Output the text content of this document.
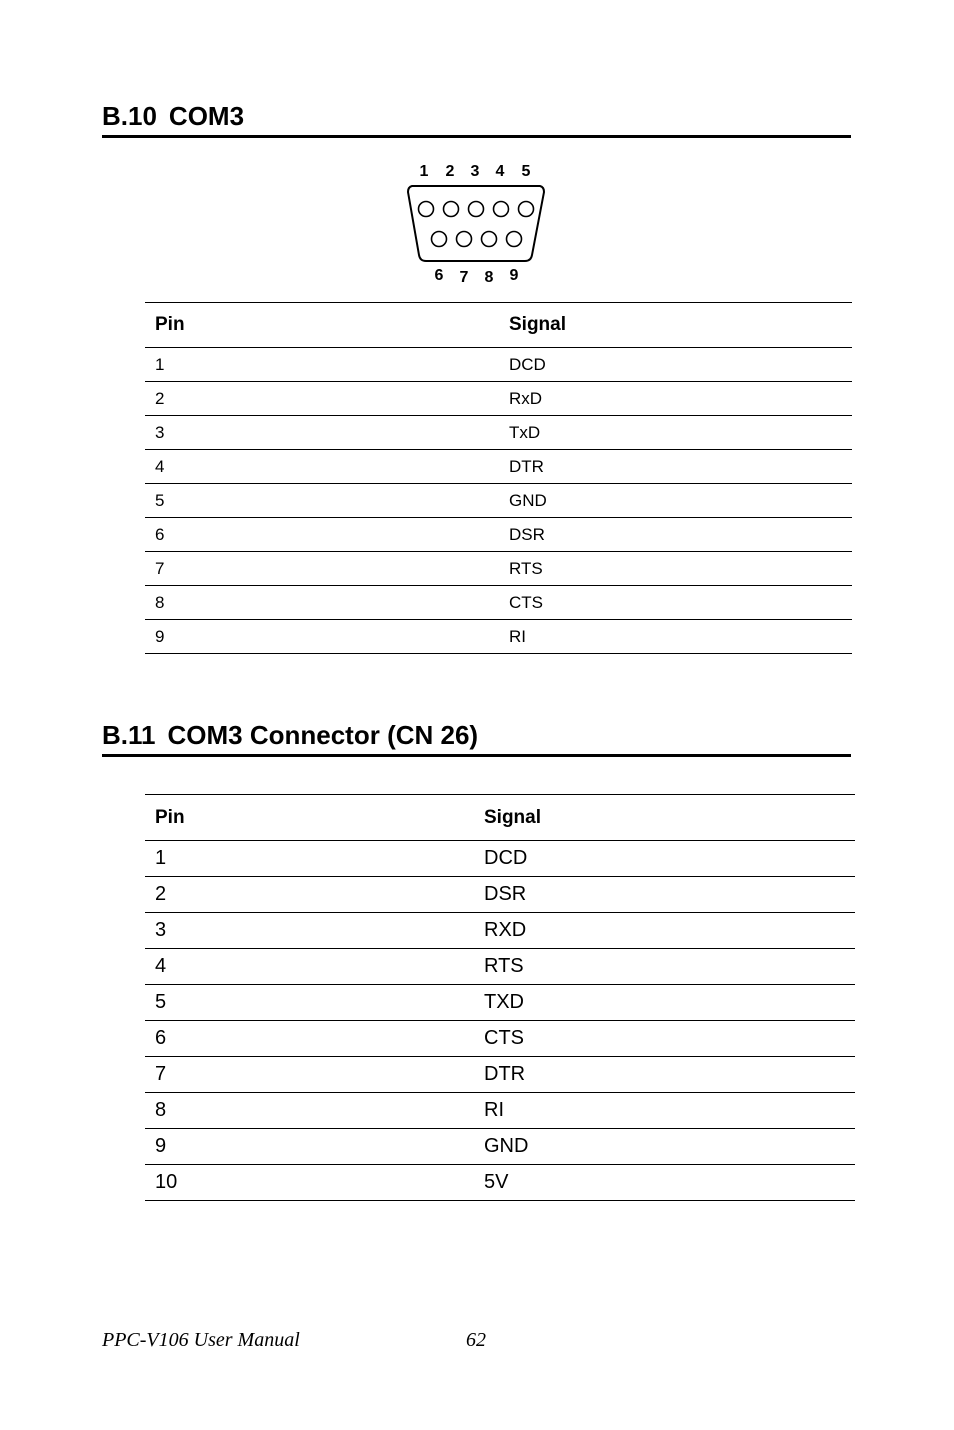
B.10 COM3
1 2 3 4 5
6 7 8 9
Pin	Signal
1	DCD
2	RxD
3	TxD
4	DTR
5	GND
6	DSR
7	RTS
8	CTS
9	RI
B.11 COM3 Connector (CN 26)
Pin	Signal
1	DCD
2	DSR
3	RXD
4	RTS
5	TXD
6	CTS
7	DTR
8	RI
9	GND
10	5V
PPC-V106 User Manual	62
